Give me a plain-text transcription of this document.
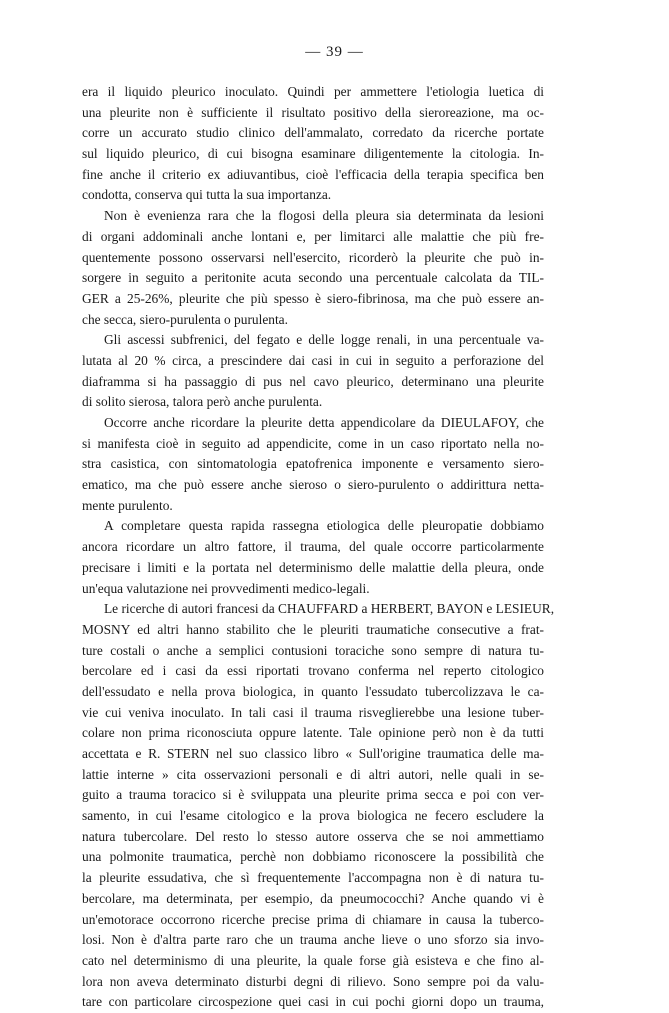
— 39 —
era il liquido pleurico inoculato. Quindi per ammettere l'etiologia luetica di
una pleurite non è sufficiente il risultato positivo della sieroreazione, ma oc-
corre un accurato studio clinico dell'ammalato, corredato da ricerche portate
sul liquido pleurico, di cui bisogna esaminare diligentemente la citologia. In-
fine anche il criterio ex adiuvantibus, cioè l'efficacia della terapia specifica ben
condotta, conserva qui tutta la sua importanza.
Non è evenienza rara che la flogosi della pleura sia determinata da lesioni
di organi addominali anche lontani e, per limitarci alle malattie che più fre-
quentemente possono osservarsi nell'esercito, ricorderò la pleurite che può in-
sorgere in seguito a peritonite acuta secondo una percentuale calcolata da TIL-
GER a 25-26%, pleurite che più spesso è siero-fibrinosa, ma che può essere an-
che secca, siero-purulenta o purulenta.
Gli ascessi subfrenici, del fegato e delle logge renali, in una percentuale va-
lutata al 20 % circa, a prescindere dai casi in cui in seguito a perforazione del
diaframma si ha passaggio di pus nel cavo pleurico, determinano una pleurite
di solito sierosa, talora però anche purulenta.
Occorre anche ricordare la pleurite detta appendicolare da DIEULAFOY, che
si manifesta cioè in seguito ad appendicite, come in un caso riportato nella no-
stra casistica, con sintomatologia epatofrenica imponente e versamento siero-
ematico, ma che può essere anche sieroso o siero-purulento o addirittura netta-
mente purulento.
A completare questa rapida rassegna etiologica delle pleuropatie dobbiamo
ancora ricordare un altro fattore, il trauma, del quale occorre particolarmente
precisare i limiti e la portata nel determinismo delle malattie della pleura, onde
un'equa valutazione nei provvedimenti medico-legali.
Le ricerche di autori francesi da CHAUFFARD a HERBERT, BAYON e LESIEUR,
MOSNY ed altri hanno stabilito che le pleuriti traumatiche consecutive a frat-
ture costali o anche a semplici contusioni toraciche sono sempre di natura tu-
bercolare ed i casi da essi riportati trovano conferma nel reperto citologico
dell'essudato e nella prova biologica, in quanto l'essudato tubercolizzava le ca-
vie cui veniva inoculato. In tali casi il trauma risveglierebbe una lesione tuber-
colare non prima riconosciuta oppure latente. Tale opinione però non è da tutti
accettata e R. STERN nel suo classico libro « Sull'origine traumatica delle ma-
lattie interne » cita osservazioni personali e di altri autori, nelle quali in se-
guito a trauma toracico si è sviluppata una pleurite prima secca e poi con ver-
samento, in cui l'esame citologico e la prova biologica ne fecero escludere la
natura tubercolare. Del resto lo stesso autore osserva che se noi ammettiamo
una polmonite traumatica, perchè non dobbiamo riconoscere la possibilità che
la pleurite essudativa, che sì frequentemente l'accompagna non è di natura tu-
bercolare, ma determinata, per esempio, da pneumococchi? Anche quando vi è
un'emotorace occorrono ricerche precise prima di chiamare in causa la tuberco-
losi. Non è d'altra parte raro che un trauma anche lieve o uno sforzo sia invo-
cato nel determinismo di una pleurite, la quale forse già esisteva e che fino al-
lora non aveva determinato disturbi degni di rilievo. Sono sempre poi da valu-
tare con particolare circospezione quei casi in cui pochi giorni dopo un trauma,
